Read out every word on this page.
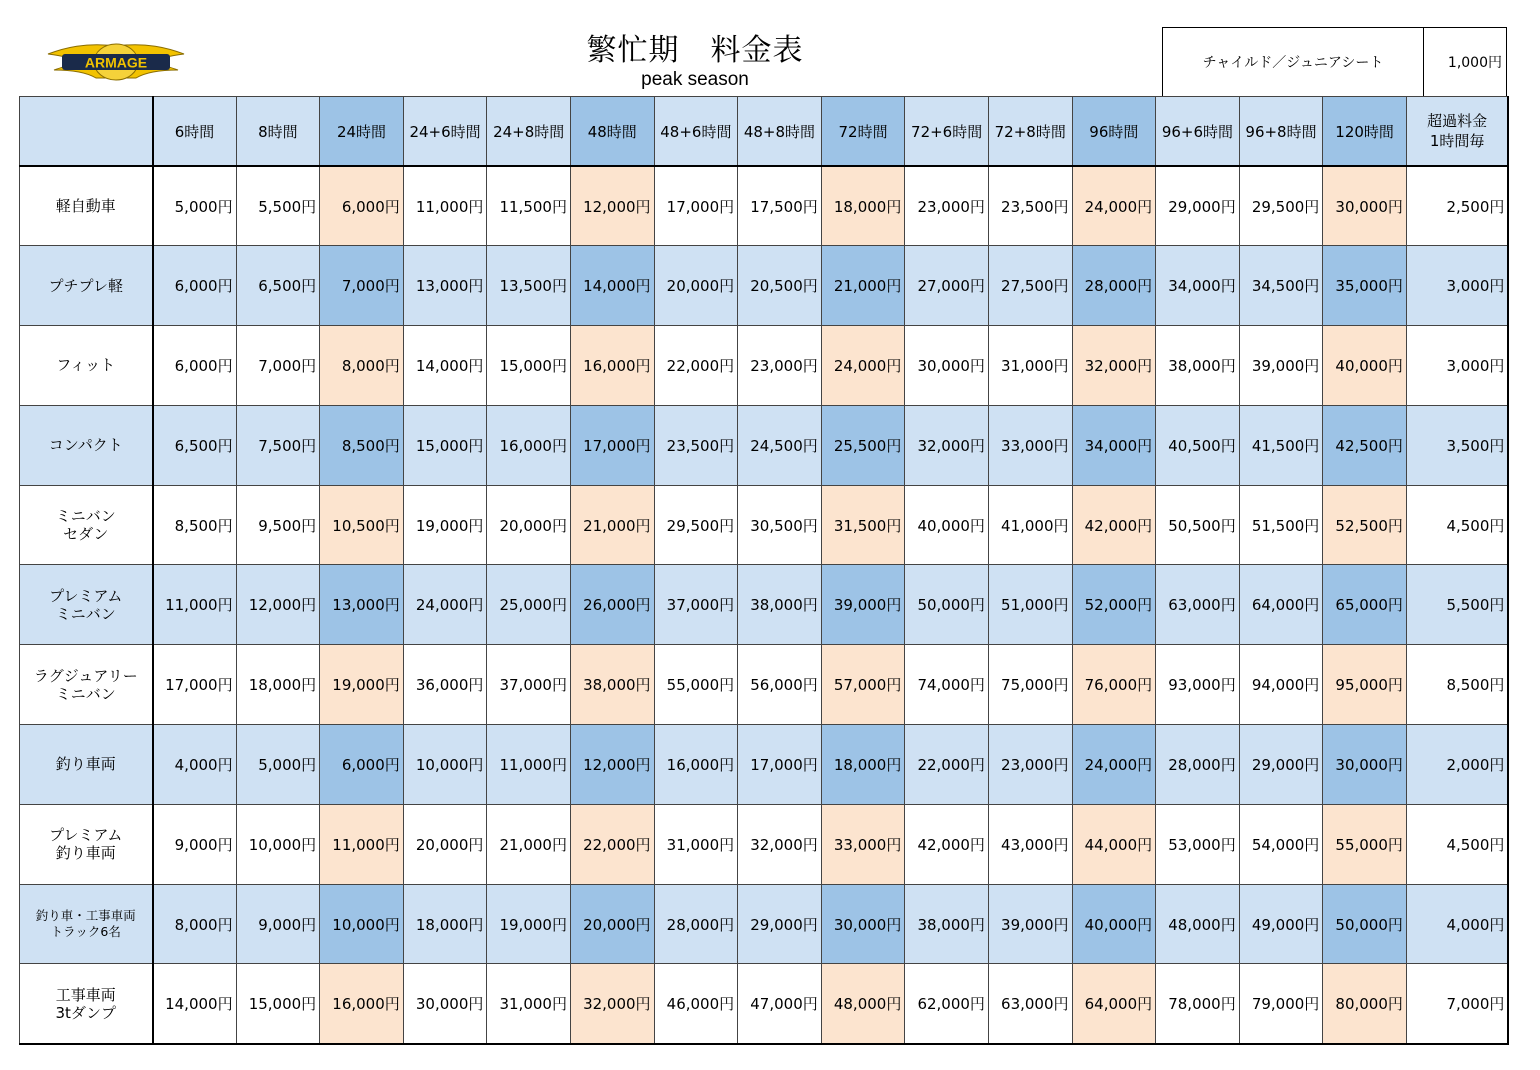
ARMAGE	繁忙期　料金表
peak season
チャイルド／ジュニアシート	1,000円
	6時間	8時間	24時間	24+6時間	24+8時間	48時間	48+6時間	48+8時間	72時間	72+6時間	72+8時間	96時間	96+6時間	96+8時間	120時間	超過料金
1時間毎
軽自動車	5,000円	5,500円	6,000円	11,000円	11,500円	12,000円	17,000円	17,500円	18,000円	23,000円	23,500円	24,000円	29,000円	29,500円	30,000円	2,500円
プチプレ軽	6,000円	6,500円	7,000円	13,000円	13,500円	14,000円	20,000円	20,500円	21,000円	27,000円	27,500円	28,000円	34,000円	34,500円	35,000円	3,000円
フィット	6,000円	7,000円	8,000円	14,000円	15,000円	16,000円	22,000円	23,000円	24,000円	30,000円	31,000円	32,000円	38,000円	39,000円	40,000円	3,000円
コンパクト	6,500円	7,500円	8,500円	15,000円	16,000円	17,000円	23,500円	24,500円	25,500円	32,000円	33,000円	34,000円	40,500円	41,500円	42,500円	3,500円
ミニバン
セダン	8,500円	9,500円	10,500円	19,000円	20,000円	21,000円	29,500円	30,500円	31,500円	40,000円	41,000円	42,000円	50,500円	51,500円	52,500円	4,500円
プレミアム
ミニバン	11,000円	12,000円	13,000円	24,000円	25,000円	26,000円	37,000円	38,000円	39,000円	50,000円	51,000円	52,000円	63,000円	64,000円	65,000円	5,500円
ラグジュアリー
ミニバン	17,000円	18,000円	19,000円	36,000円	37,000円	38,000円	55,000円	56,000円	57,000円	74,000円	75,000円	76,000円	93,000円	94,000円	95,000円	8,500円
釣り車両	4,000円	5,000円	6,000円	10,000円	11,000円	12,000円	16,000円	17,000円	18,000円	22,000円	23,000円	24,000円	28,000円	29,000円	30,000円	2,000円
プレミアム
釣り車両	9,000円	10,000円	11,000円	20,000円	21,000円	22,000円	31,000円	32,000円	33,000円	42,000円	43,000円	44,000円	53,000円	54,000円	55,000円	4,500円
釣り車・工事車両
トラック6名	8,000円	9,000円	10,000円	18,000円	19,000円	20,000円	28,000円	29,000円	30,000円	38,000円	39,000円	40,000円	48,000円	49,000円	50,000円	4,000円
工事車両
3tダンプ	14,000円	15,000円	16,000円	30,000円	31,000円	32,000円	46,000円	47,000円	48,000円	62,000円	63,000円	64,000円	78,000円	79,000円	80,000円	7,000円
